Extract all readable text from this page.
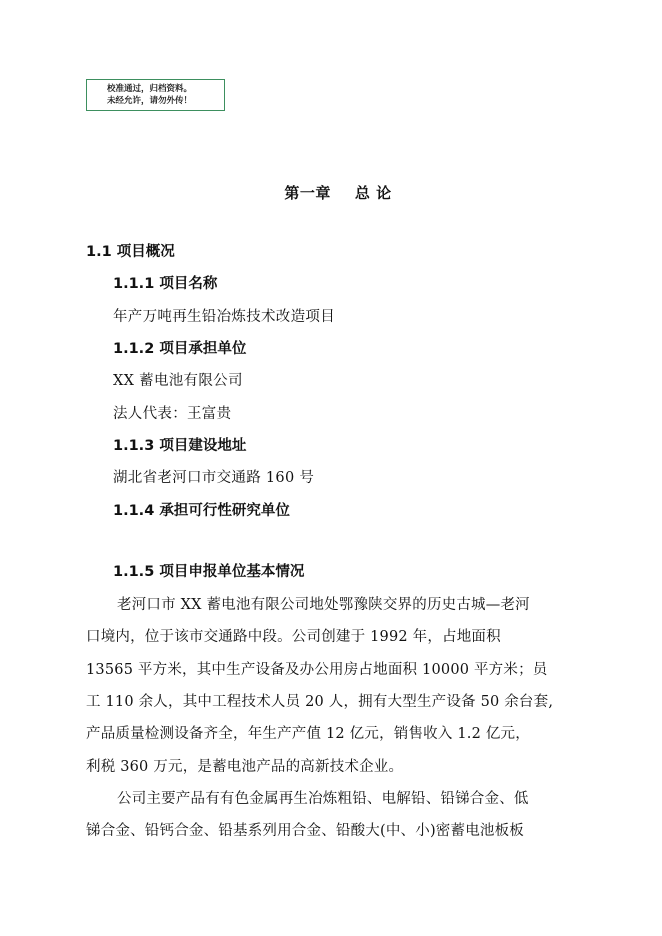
校准通过，归档资料。
未经允许，请勿外传！
第一章 总 论
1.1 项目概况
1.1.1 项目名称
年产万吨再生铅冶炼技术改造项目
1.1.2 项目承担单位
XX 蓄电池有限公司
法人代表：王富贵
1.1.3 项目建设地址
湖北省老河口市交通路 160 号
1.1.4 承担可行性研究单位
1.1.5 项目申报单位基本情况
老河口市 XX 蓄电池有限公司地处鄂豫陕交界的历史古城—老河
口境内，位于该市交通路中段。公司创建于 1992 年，占地面积
13565 平方米，其中生产设备及办公用房占地面积 10000 平方米；员
工 110 余人，其中工程技术人员 20 人，拥有大型生产设备 50 余台套,
产品质量检测设备齐全，年生产产值 12 亿元，销售收入 1.2 亿元，
利税 360 万元，是蓄电池产品的高新技术企业。
公司主要产品有有色金属再生冶炼粗铅、电解铅、铅锑合金、低
锑合金、铅钙合金、铅基系列用合金、铅酸大(中、小)密蓄电池板板
